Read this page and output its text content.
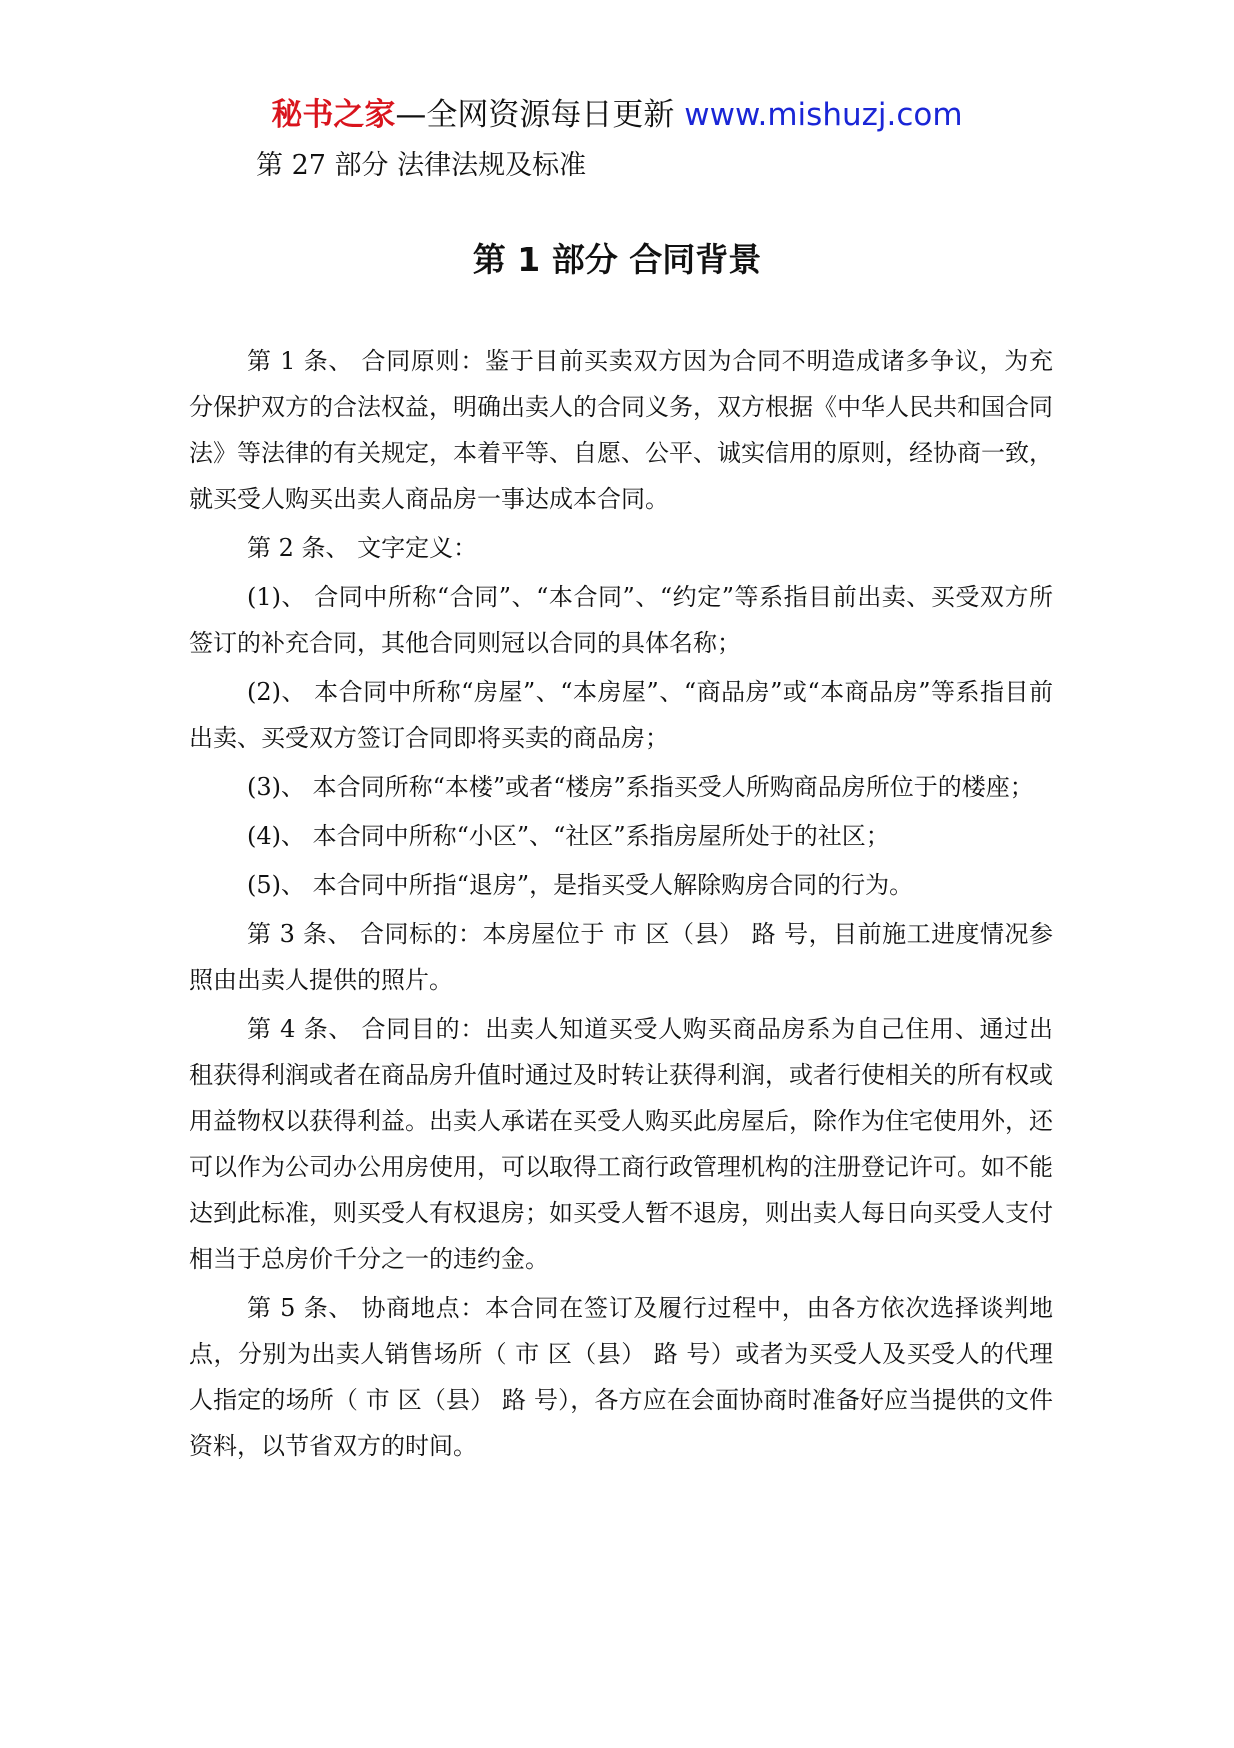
秘书之家—全网资源每日更新 www.mishuzj.com
第 27 部分 法律法规及标准
第 1 部分 合同背景

第 1 条、 合同原则：鉴于目前买卖双方因为合同不明造成诸多争议，为充分保护双方的合法权益，明确出卖人的合同义务，双方根据《中华人民共和国合同法》等法律的有关规定，本着平等、自愿、公平、诚实信用的原则，经协商一致，就买受人购买出卖人商品房一事达成本合同。

第 2 条、 文字定义：

(1)、 合同中所称“合同”、“本合同”、“约定”等系指目前出卖、买受双方所签订的补充合同，其他合同则冠以合同的具体名称；

(2)、 本合同中所称“房屋”、“本房屋”、“商品房”或“本商品房”等系指目前出卖、买受双方签订合同即将买卖的商品房；

(3)、 本合同所称“本楼”或者“楼房”系指买受人所购商品房所位于的楼座；

(4)、 本合同中所称“小区”、“社区”系指房屋所处于的社区；

(5)、 本合同中所指“退房”，是指买受人解除购房合同的行为。

第 3 条、 合同标的：本房屋位于 市 区（县） 路 号，目前施工进度情况参照由出卖人提供的照片。

第 4 条、 合同目的：出卖人知道买受人购买商品房系为自己住用、通过出租获得利润或者在商品房升值时通过及时转让获得利润，或者行使相关的所有权或用益物权以获得利益。出卖人承诺在买受人购买此房屋后，除作为住宅使用外，还可以作为公司办公用房使用，可以取得工商行政管理机构的注册登记许可。如不能达到此标准，则买受人有权退房；如买受人暂不退房，则出卖人每日向买受人支付相当于总房价千分之一的违约金。

第 5 条、 协商地点：本合同在签订及履行过程中，由各方依次选择谈判地点，分别为出卖人销售场所（ 市 区（县） 路 号）或者为买受人及买受人的代理人指定的场所（ 市 区（县） 路 号），各方应在会面协商时准备好应当提供的文件资料，以节省双方的时间。
